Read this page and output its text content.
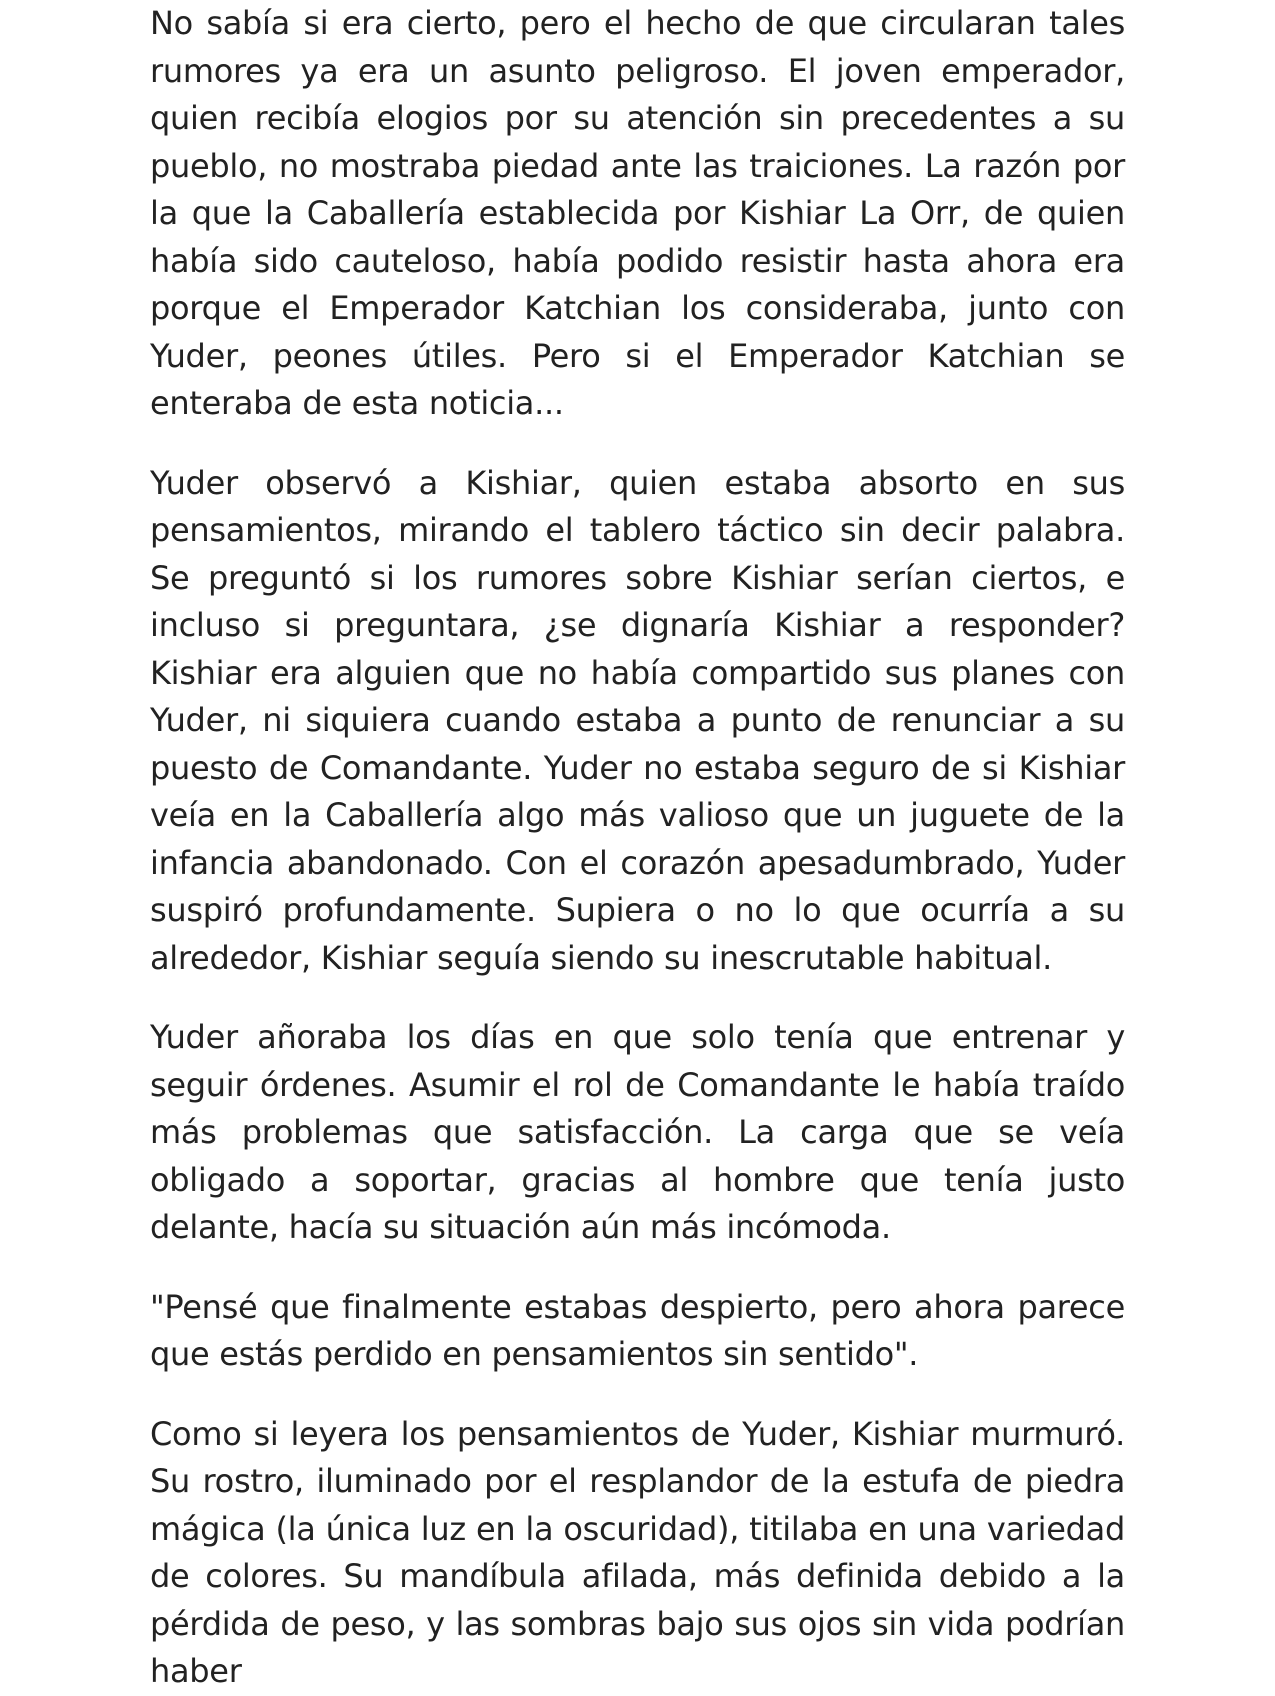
No sabía si era cierto, pero el hecho de que circularan tales rumores ya era un asunto peligroso. El joven emperador, quien recibía elogios por su atención sin precedentes a su pueblo, no mostraba piedad ante las traiciones. La razón por la que la Caballería establecida por Kishiar La Orr, de quien había sido cauteloso, había podido resistir hasta ahora era porque el Emperador Katchian los consideraba, junto con Yuder, peones útiles. Pero si el Emperador Katchian se enteraba de esta noticia...

Yuder observó a Kishiar, quien estaba absorto en sus pensamientos, mirando el tablero táctico sin decir palabra. Se preguntó si los rumores sobre Kishiar serían ciertos, e incluso si preguntara, ¿se dignaría Kishiar a responder? Kishiar era alguien que no había compartido sus planes con Yuder, ni siquiera cuando estaba a punto de renunciar a su puesto de Comandante. Yuder no estaba seguro de si Kishiar veía en la Caballería algo más valioso que un juguete de la infancia abandonado. Con el corazón apesadumbrado, Yuder suspiró profundamente. Supiera o no lo que ocurría a su alrededor, Kishiar seguía siendo su inescrutable habitual.

Yuder añoraba los días en que solo tenía que entrenar y seguir órdenes. Asumir el rol de Comandante le había traído más problemas que satisfacción. La carga que se veía obligado a soportar, gracias al hombre que tenía justo delante, hacía su situación aún más incómoda.

"Pensé que finalmente estabas despierto, pero ahora parece que estás perdido en pensamientos sin sentido".

Como si leyera los pensamientos de Yuder, Kishiar murmuró. Su rostro, iluminado por el resplandor de la estufa de piedra mágica (la única luz en la oscuridad), titilaba en una variedad de colores. Su mandíbula afilada, más definida debido a la pérdida de peso, y las sombras bajo sus ojos sin vida podrían haber
